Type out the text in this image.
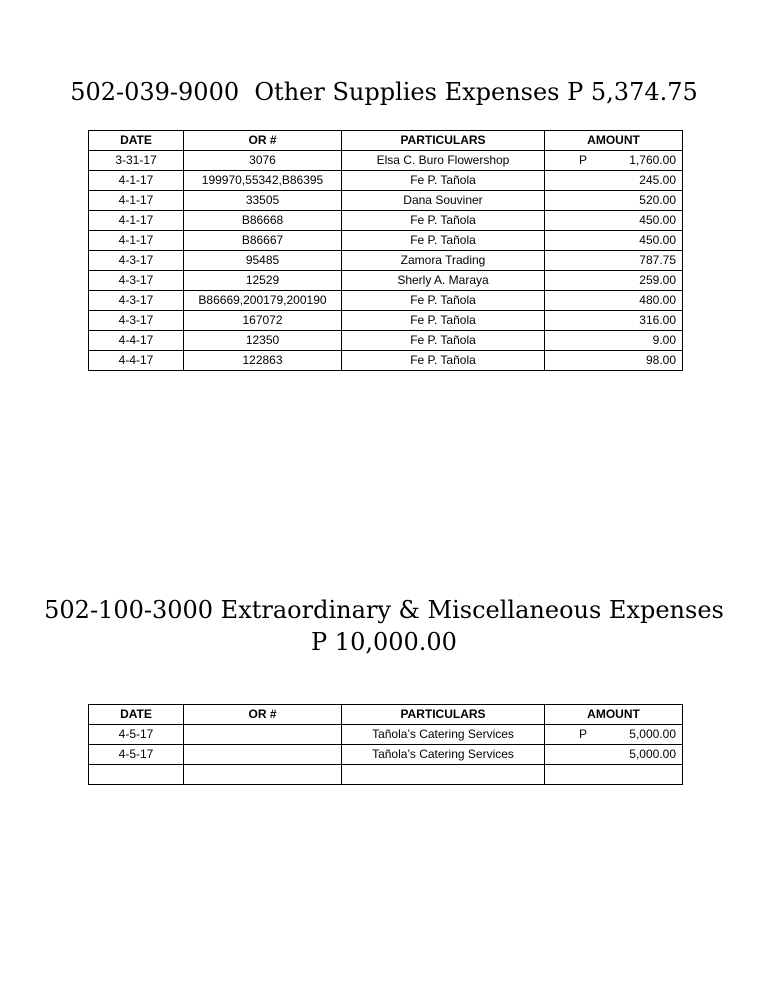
502-039-9000  Other Supplies Expenses P 5,374.75
DATE	OR #	PARTICULARS	AMOUNT
3-31-17	3076	Elsa C. Buro Flowershop	P 1,760.00
4-1-17	199970,55342,B86395	Fe P. Tañola	245.00
4-1-17	33505	Dana Souviner	520.00
4-1-17	B86668	Fe P. Tañola	450.00
4-1-17	B86667	Fe P. Tañola	450.00
4-3-17	95485	Zamora Trading	787.75
4-3-17	12529	Sherly A. Maraya	259.00
4-3-17	B86669,200179,200190	Fe P. Tañola	480.00
4-3-17	167072	Fe P. Tañola	316.00
4-4-17	12350	Fe P. Tañola	9.00
4-4-17	122863	Fe P. Tañola	98.00
502-100-3000 Extraordinary & Miscellaneous Expenses
P 10,000.00
DATE	OR #	PARTICULARS	AMOUNT
4-5-17		Tañola’s Catering Services	P 5,000.00
4-5-17		Tañola’s Catering Services	5,000.00
